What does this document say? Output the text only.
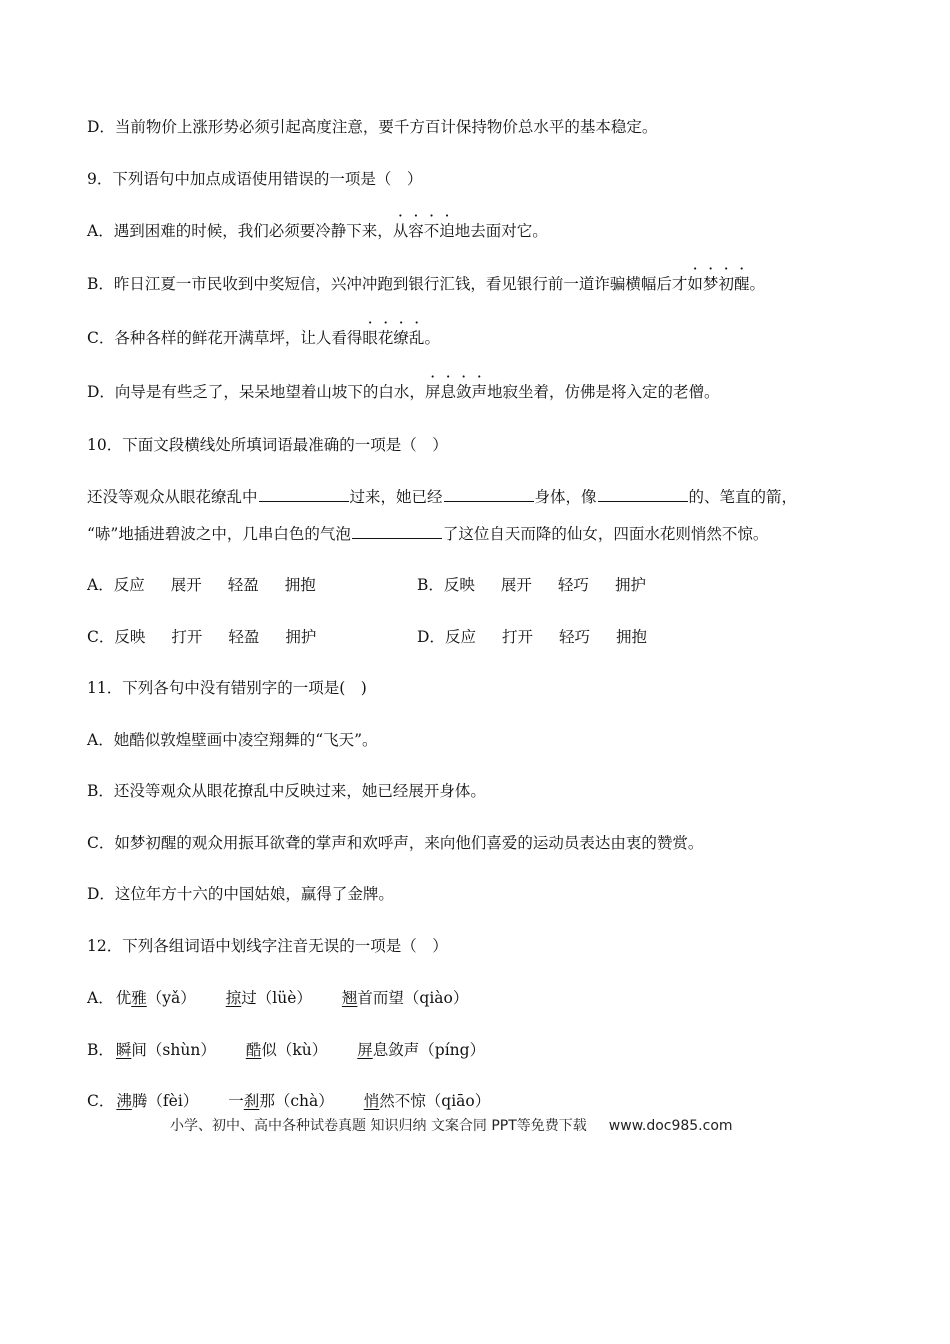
D．当前物价上涨形势必须引起高度注意，要千方百计保持物价总水平的基本稳定。
9．下列语句中加点成语使用错误的一项是（　）
A．遇到困难的时候，我们必须要冷静下来，从容不迫地去面对它。
B．昨日江夏一市民收到中奖短信，兴冲冲跑到银行汇钱，看见银行前一道诈骗横幅后才如梦初醒。
C．各种各样的鲜花开满草坪，让人看得眼花缭乱。
D．向导是有些乏了，呆呆地望着山坡下的白水，屏息敛声地寂坐着，仿佛是将入定的老僧。
10．下面文段横线处所填词语最准确的一项是（　）
还没等观众从眼花缭乱中	过来，她已经	身体，像	的、笔直的箭，
“哧”地插进碧波之中，几串白色的气泡	了这位自天而降的仙女，四面水花则悄然不惊。
A．反应 展开 轻盈 拥抱	B．反映 展开 轻巧 拥护
C．反映 打开 轻盈 拥护	D．反应 打开 轻巧 拥抱
11．下列各句中没有错别字的一项是(　)
A．她酷似敦煌壁画中凌空翔舞的“飞天”。
B．还没等观众从眼花撩乱中反映过来，她已经展开身体。
C．如梦初醒的观众用振耳欲聋的掌声和欢呼声，来向他们喜爱的运动员表达由衷的赞赏。
D．这位年方十六的中国姑娘，赢得了金牌。
12．下列各组词语中划线字注音无误的一项是（　）
A． 优雅（yǎ） 掠过（lüè） 翘首而望（qiào）
B． 瞬间（shùn） 酷似（kù） 屏息敛声（píng）
C． 沸腾（fèi） 一刹那（chà） 悄然不惊（qiāo）
小学、初中、高中各种试卷真题 知识归纳 文案合同 PPT等免费下载 www.doc985.com
